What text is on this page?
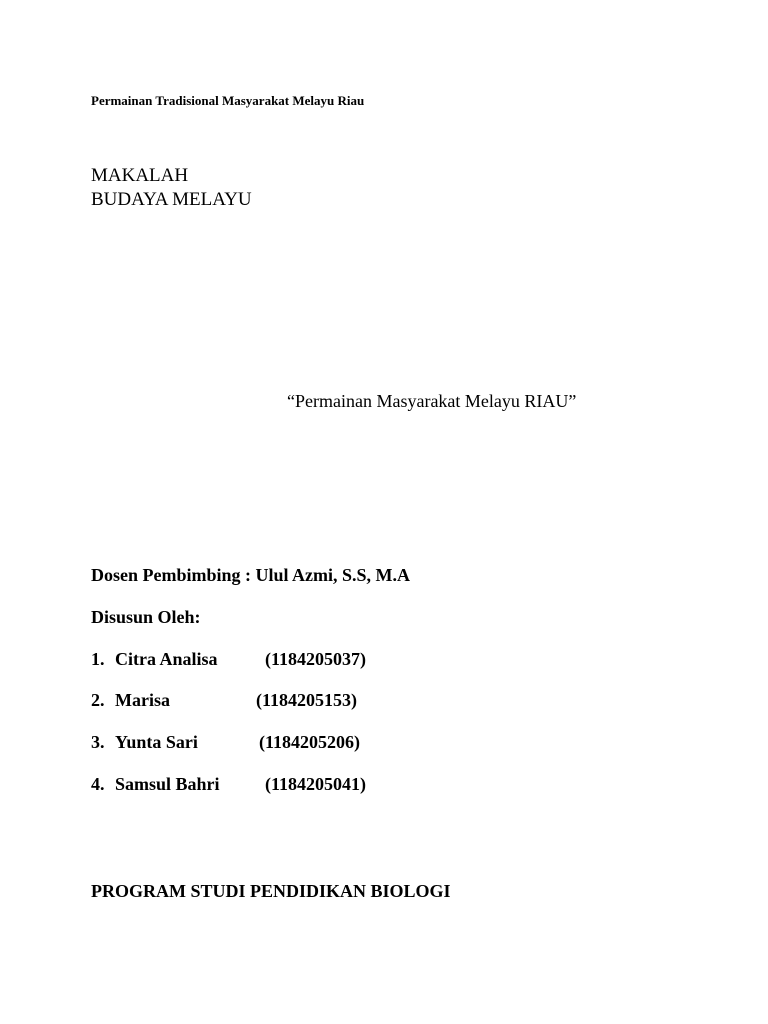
Permainan Tradisional Masyarakat Melayu Riau
MAKALAH
BUDAYA MELAYU
“Permainan Masyarakat Melayu RIAU”
Dosen Pembimbing : Ulul Azmi, S.S, M.A
Disusun Oleh:
1. Citra Analisa	(1184205037)
2. Marisa	(1184205153)
3. Yunta Sari	(1184205206)
4. Samsul Bahri	(1184205041)
PROGRAM STUDI PENDIDIKAN BIOLOGI
